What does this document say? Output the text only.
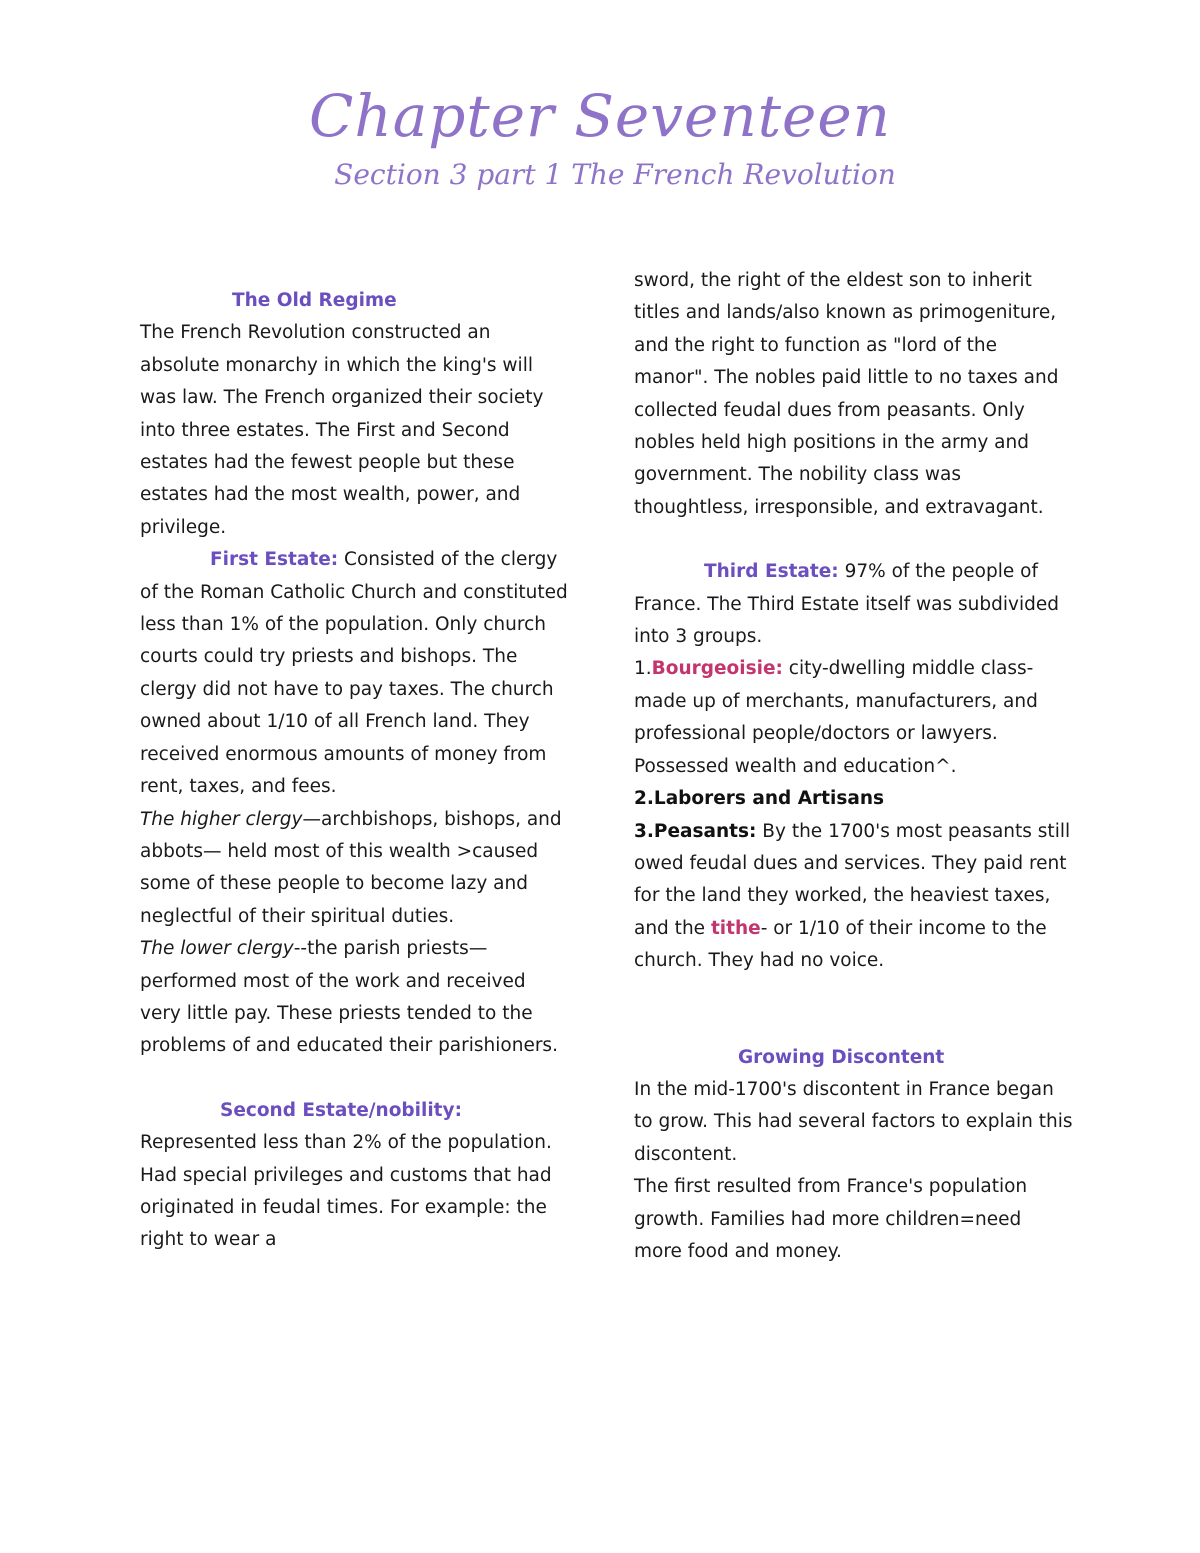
Chapter Seventeen
Section 3 part 1 The French Revolution
The Old Regime

The French Revolution constructed an absolute monarchy in which the king's will was law. The French organized their society into three estates. The First and Second estates had the fewest people but these estates had the most wealth, power, and privilege.

First Estate: Consisted of the clergy of the Roman Catholic Church and constituted less than 1% of the population. Only church courts could try priests and bishops. The clergy did not have to pay taxes. The church owned about 1/10 of all French land. They received enormous amounts of money from rent, taxes, and fees.

The higher clergy—archbishops, bishops, and abbots— held most of this wealth >caused some of these people to become lazy and neglectful of their spiritual duties.

The lower clergy--the parish priests—performed most of the work and received very little pay. These priests tended to the problems of and educated their parishioners.

Second Estate/nobility:

Represented less than 2% of the population. Had special privileges and customs that had originated in feudal times. For example: the right to wear a

sword, the right of the eldest son to inherit titles and lands/also known as primogeniture, and the right to function as "lord of the manor". The nobles paid little to no taxes and collected feudal dues from peasants. Only nobles held high positions in the army and government. The nobility class was thoughtless, irresponsible, and extravagant.

Third Estate: 97% of the people of France. The Third Estate itself was subdivided into 3 groups.

1.Bourgeoisie: city-dwelling middle class-made up of merchants, manufacturers, and professional people/doctors or lawyers. Possessed wealth and education^.

2.Laborers and Artisans

3.Peasants: By the 1700's most peasants still owed feudal dues and services. They paid rent for the land they worked, the heaviest taxes, and the tithe- or 1/10 of their income to the church. They had no voice.

Growing Discontent

In the mid-1700's discontent in France began to grow. This had several factors to explain this discontent.

The first resulted from France's population growth. Families had more children=need more food and money.
